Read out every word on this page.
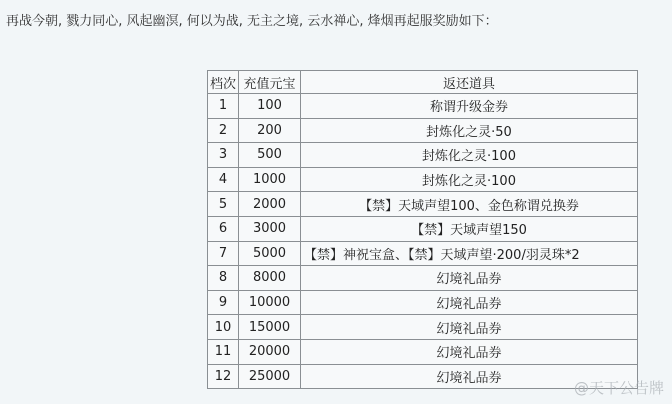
再战今朝, 戮力同心, 风起幽溟, 何以为战, 无主之境, 云水禅心, 烽烟再起服奖励如下：
档次	充值元宝	返还道具
1	100	称谓升级金券
2	200	封炼化之灵·50
3	500	封炼化之灵·100
4	1000	封炼化之灵·100
5	2000	【禁】天域声望100、金色称谓兑换券
6	3000	【禁】天域声望150
7	5000	【禁】神祝宝盒、【禁】天域声望·200/羽灵珠*2
8	8000	幻境礼品券
9	10000	幻境礼品券
10	15000	幻境礼品券
11	20000	幻境礼品券
12	25000	幻境礼品券
@天下公告牌
